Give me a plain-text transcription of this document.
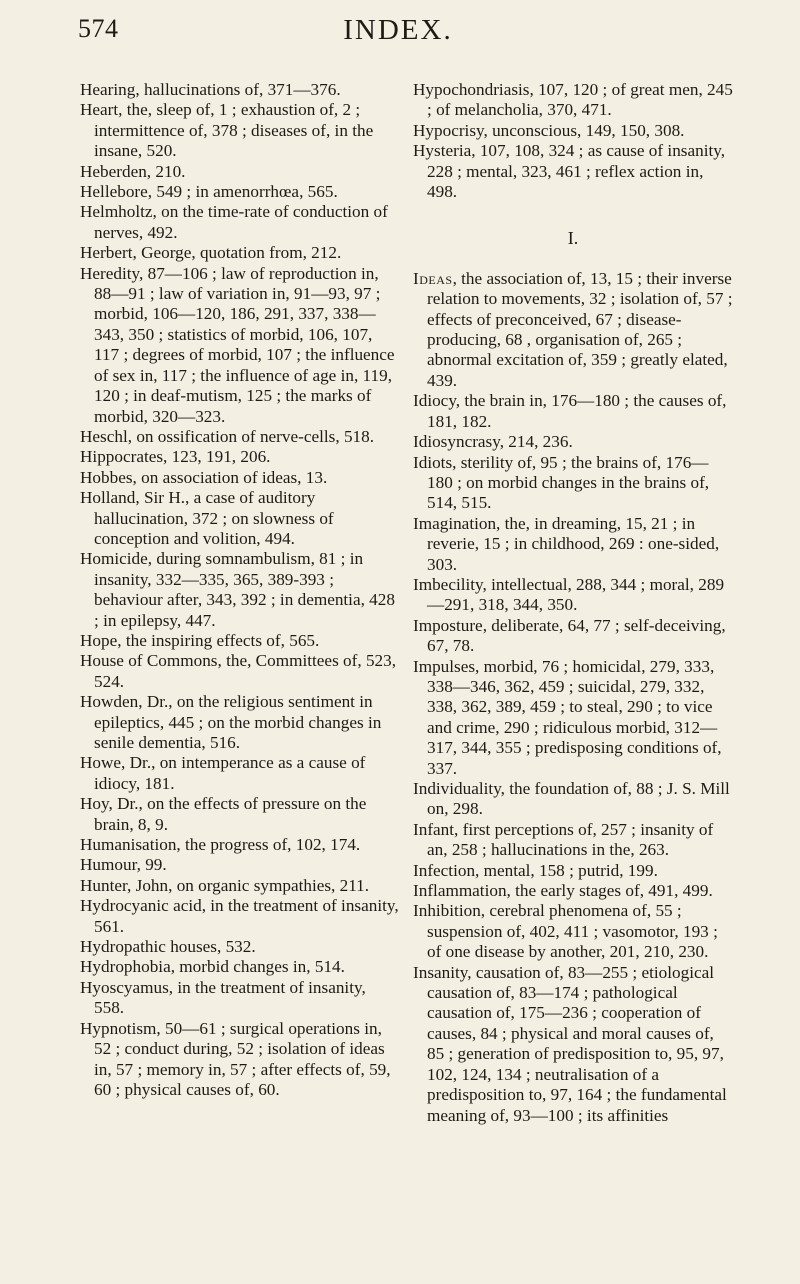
574	INDEX.

Hearing, hallucinations of, 371—376.

Heart, the, sleep of, 1 ; exhaustion of, 2 ; intermittence of, 378 ; diseases of, in the insane, 520.

Heberden, 210.

Hellebore, 549 ; in amenorrhœa, 565.

Helmholtz, on the time-rate of conduction of nerves, 492.

Herbert, George, quotation from, 212.

Heredity, 87—106 ; law of reproduction in, 88—91 ; law of variation in, 91—93, 97 ; morbid, 106—120, 186, 291, 337, 338—343, 350 ; statistics of morbid, 106, 107, 117 ; degrees of morbid, 107 ; the influence of sex in, 117 ; the influence of age in, 119, 120 ; in deaf-mutism, 125 ; the marks of morbid, 320—323.

Heschl, on ossification of nerve-cells, 518.

Hippocrates, 123, 191, 206.

Hobbes, on association of ideas, 13.

Holland, Sir H., a case of auditory hallucination, 372 ; on slowness of conception and volition, 494.

Homicide, during somnambulism, 81 ; in insanity, 332—335, 365, 389-393 ; behaviour after, 343, 392 ; in dementia, 428 ; in epilepsy, 447.

Hope, the inspiring effects of, 565.

House of Commons, the, Committees of, 523, 524.

Howden, Dr., on the religious sentiment in epileptics, 445 ; on the morbid changes in senile dementia, 516.

Howe, Dr., on intemperance as a cause of idiocy, 181.

Hoy, Dr., on the effects of pressure on the brain, 8, 9.

Humanisation, the progress of, 102, 174.

Humour, 99.

Hunter, John, on organic sympathies, 211.

Hydrocyanic acid, in the treatment of insanity, 561.

Hydropathic houses, 532.

Hydrophobia, morbid changes in, 514.

Hyoscyamus, in the treatment of insanity, 558.

Hypnotism, 50—61 ; surgical operations in, 52 ; conduct during, 52 ; isolation of ideas in, 57 ; memory in, 57 ; after effects of, 59, 60 ; physical causes of, 60.

Hypochondriasis, 107, 120 ; of great men, 245 ; of melancholia, 370, 471.

Hypocrisy, unconscious, 149, 150, 308.

Hysteria, 107, 108, 324 ; as cause of insanity, 228 ; mental, 323, 461 ; reflex action in, 498.

I.

Ideas, the association of, 13, 15 ; their inverse relation to movements, 32 ; isolation of, 57 ; effects of preconceived, 67 ; disease-producing, 68 , organisation of, 265 ; abnormal excitation of, 359 ; greatly elated, 439.

Idiocy, the brain in, 176—180 ; the causes of, 181, 182.

Idiosyncrasy, 214, 236.

Idiots, sterility of, 95 ; the brains of, 176—180 ; on morbid changes in the brains of, 514, 515.

Imagination, the, in dreaming, 15, 21 ; in reverie, 15 ; in childhood, 269 : one-sided, 303.

Imbecility, intellectual, 288, 344 ; moral, 289—291, 318, 344, 350.

Imposture, deliberate, 64, 77 ; self-deceiving, 67, 78.

Impulses, morbid, 76 ; homicidal, 279, 333, 338—346, 362, 459 ; suicidal, 279, 332, 338, 362, 389, 459 ; to steal, 290 ; to vice and crime, 290 ; ridiculous morbid, 312—317, 344, 355 ; predisposing conditions of, 337.

Individuality, the foundation of, 88 ; J. S. Mill on, 298.

Infant, first perceptions of, 257 ; insanity of an, 258 ; hallucinations in the, 263.

Infection, mental, 158 ; putrid, 199.

Inflammation, the early stages of, 491, 499.

Inhibition, cerebral phenomena of, 55 ; suspension of, 402, 411 ; vasomotor, 193 ; of one disease by another, 201, 210, 230.

Insanity, causation of, 83—255 ; etiological causation of, 83—174 ; pathological causation of, 175—236 ; cooperation of causes, 84 ; physical and moral causes of, 85 ; generation of predisposition to, 95, 97, 102, 124, 134 ; neutralisation of a predisposition to, 97, 164 ; the fundamental meaning of, 93—100 ; its affinities
